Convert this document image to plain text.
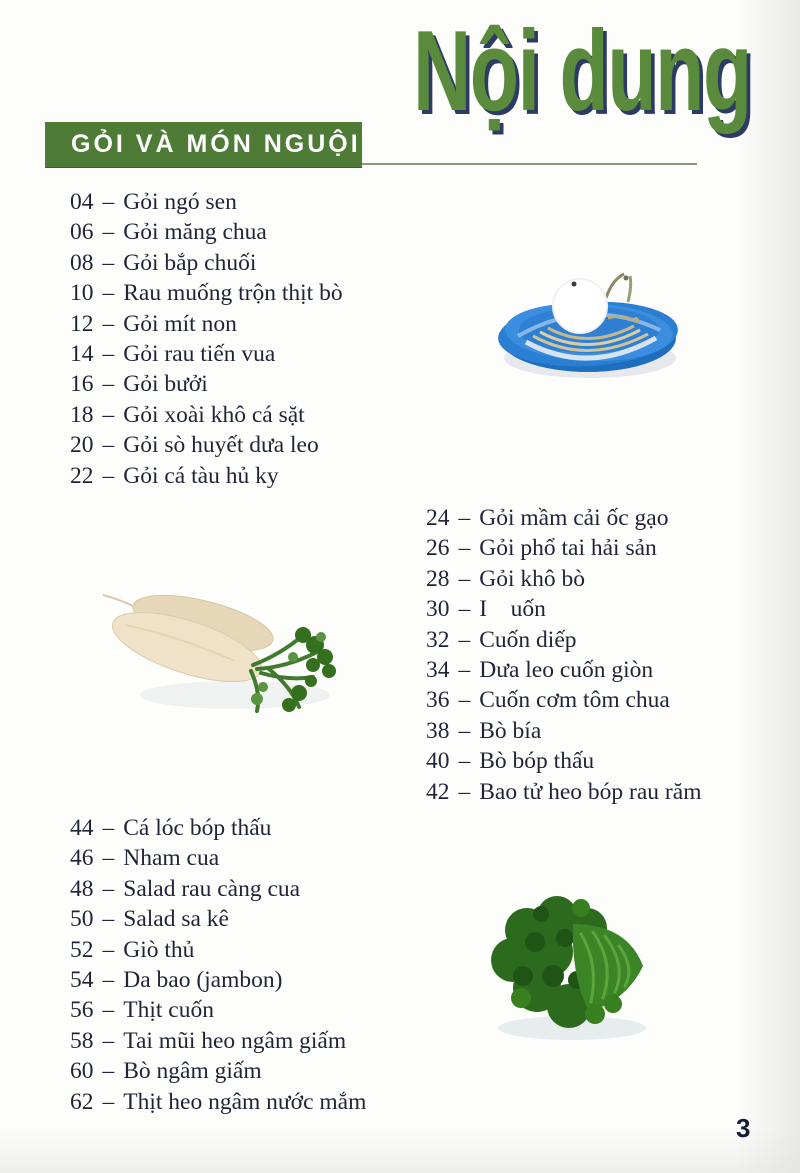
Nội dung
GỎI VÀ MÓN NGUỘI
04 – Gỏi ngó sen
06 – Gỏi măng chua
08 – Gỏi bắp chuối
10 – Rau muống trộn thịt bò
12 – Gỏi mít non
14 – Gỏi rau tiến vua
16 – Gỏi bưởi
18 – Gỏi xoài khô cá sặt
20 – Gỏi sò huyết dưa leo
22 – Gỏi cá tàu hủ ky
24 – Gỏi mầm cải ốc gạo
26 – Gỏi phổ tai hải sản
28 – Gỏi khô bò
30 – I    uốn
32 – Cuốn diếp
34 – Dưa leo cuốn giòn
36 – Cuốn cơm tôm chua
38 – Bò bía
40 – Bò bóp thấu
42 – Bao tử heo bóp rau răm
44 – Cá lóc bóp thấu
46 – Nham cua
48 – Salad rau càng cua
50 – Salad sa kê
52 – Giò thủ
54 – Da bao (jambon)
56 – Thịt cuốn
58 – Tai mũi heo ngâm giấm
60 – Bò ngâm giấm
62 – Thịt heo ngâm nước mắm
3
